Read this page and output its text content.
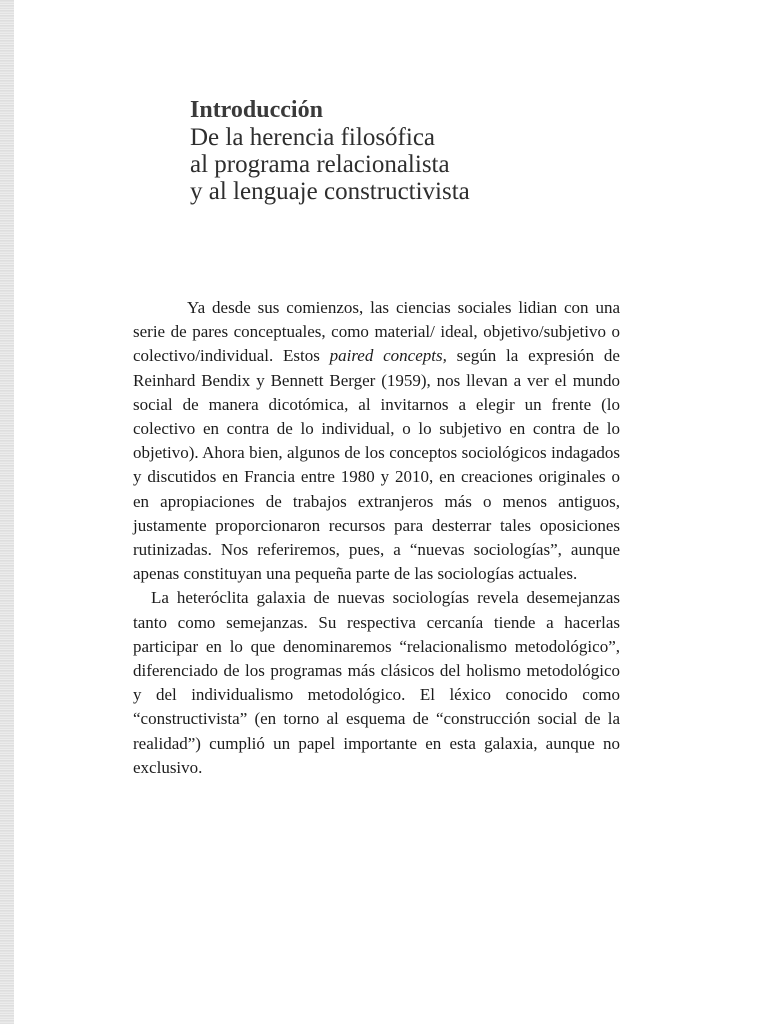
Introducción
De la herencia filosófica
al programa relacionalista
y al lenguaje constructivista

Ya desde sus comienzos, las ciencias sociales lidian con una serie de pares conceptuales, como material/ ideal, objetivo/subjetivo o colectivo/individual. Estos paired concepts, según la expresión de Reinhard Bendix y Bennett Berger (1959), nos llevan a ver el mundo social de manera dicotómica, al invitarnos a elegir un frente (lo colectivo en contra de lo individual, o lo subjetivo en contra de lo objetivo). Ahora bien, algunos de los conceptos sociológicos indagados y discutidos en Francia entre 1980 y 2010, en creaciones originales o en apropiaciones de trabajos extranjeros más o menos antiguos, justamente proporcionaron recursos para desterrar tales oposiciones rutinizadas. Nos referiremos, pues, a “nuevas sociologías”, aunque apenas constituyan una pequeña parte de las sociologías actuales.

La heteróclita galaxia de nuevas sociologías revela desemejanzas tanto como semejanzas. Su respectiva cercanía tiende a hacerlas participar en lo que denominaremos “relacionalismo metodológico”, diferenciado de los programas más clásicos del holismo metodológico y del individualismo metodológico. El léxico conocido como “constructivista” (en torno al esquema de “construcción social de la realidad”) cumplió un papel importante en esta galaxia, aunque no exclusivo.
